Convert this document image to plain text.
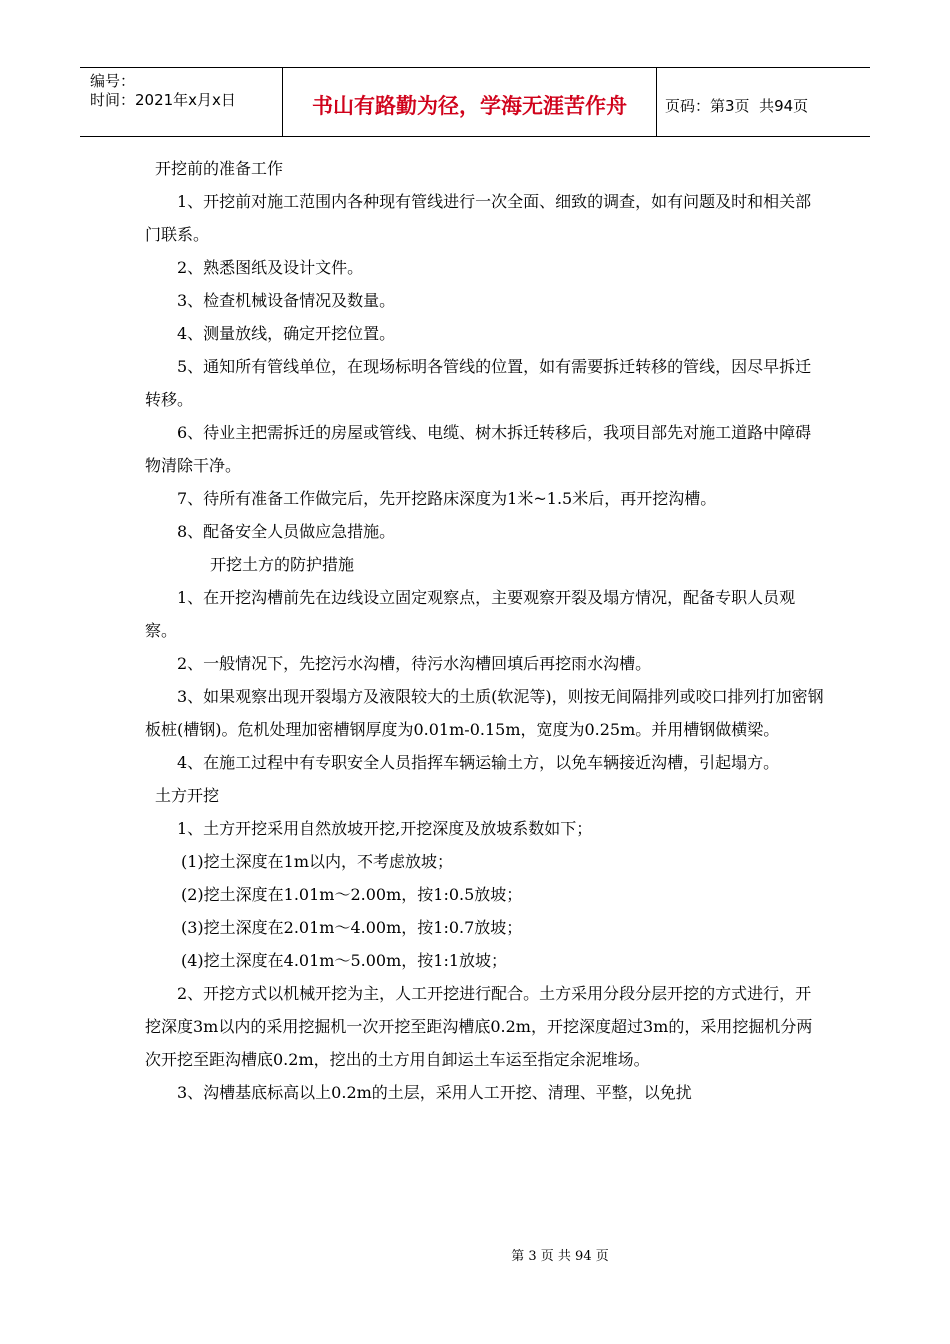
编号：
时间：2021年x月x日	书山有路勤为径，学海无涯苦作舟	页码：第3页  共94页

开挖前的准备工作

1、开挖前对施工范围内各种现有管线进行一次全面、细致的调查，如有问题及时和相关部门联系。

2、熟悉图纸及设计文件。

3、检查机械设备情况及数量。

4、测量放线，确定开挖位置。

5、通知所有管线单位，在现场标明各管线的位置，如有需要拆迁转移的管线，因尽早拆迁转移。

6、待业主把需拆迁的房屋或管线、电缆、树木拆迁转移后，我项目部先对施工道路中障碍物清除干净。

7、待所有准备工作做完后，先开挖路床深度为1米~1.5米后，再开挖沟槽。

8、配备安全人员做应急措施。

开挖土方的防护措施

1、在开挖沟槽前先在边线设立固定观察点，主要观察开裂及塌方情况，配备专职人员观察。

2、一般情况下，先挖污水沟槽，待污水沟槽回填后再挖雨水沟槽。

3、如果观察出现开裂塌方及液限较大的土质(软泥等)，则按无间隔排列或咬口排列打加密钢板桩(槽钢)。危机处理加密槽钢厚度为0.01m-0.15m，宽度为0.25m。并用槽钢做横梁。

4、在施工过程中有专职安全人员指挥车辆运输土方，以免车辆接近沟槽，引起塌方。

土方开挖

1、土方开挖采用自然放坡开挖,开挖深度及放坡系数如下；

(1)挖土深度在1m以内，不考虑放坡；

(2)挖土深度在1.01m～2.00m，按1:0.5放坡；

(3)挖土深度在2.01m～4.00m，按1:0.7放坡；

(4)挖土深度在4.01m～5.00m，按1:1放坡；

2、开挖方式以机械开挖为主，人工开挖进行配合。土方采用分段分层开挖的方式进行，开挖深度3m以内的采用挖掘机一次开挖至距沟槽底0.2m，开挖深度超过3m的，采用挖掘机分两次开挖至距沟槽底0.2m，挖出的土方用自卸运土车运至指定余泥堆场。

3、沟槽基底标高以上0.2m的土层，采用人工开挖、清理、平整，以免扰

第 3 页 共 94 页
